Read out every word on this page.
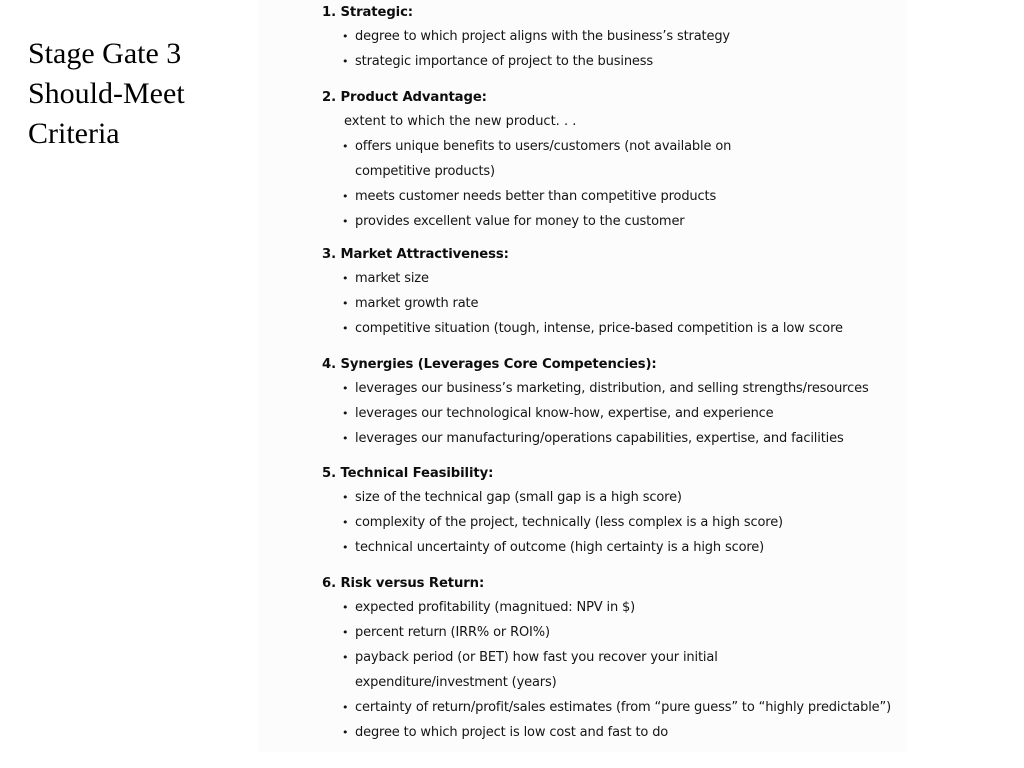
Stage Gate 3
Should-Meet
Criteria
1. Strategic:
• degree to which project aligns with the business’s strategy
• strategic importance of project to the business
2. Product Advantage:
extent to which the new product. . .
• offers unique benefits to users/customers (not available on
competitive products)
• meets customer needs better than competitive products
• provides excellent value for money to the customer
3. Market Attractiveness:
• market size
• market growth rate
• competitive situation (tough, intense, price-based competition is a low score
4. Synergies (Leverages Core Competencies):
• leverages our business’s marketing, distribution, and selling strengths/resources
• leverages our technological know-how, expertise, and experience
• leverages our manufacturing/operations capabilities, expertise, and facilities
5. Technical Feasibility:
• size of the technical gap (small gap is a high score)
• complexity of the project, technically (less complex is a high score)
• technical uncertainty of outcome (high certainty is a high score)
6. Risk versus Return:
• expected profitability (magnitued: NPV in $)
• percent return (IRR% or ROI%)
• payback period (or BET) how fast you recover your initial
expenditure/investment (years)
• certainty of return/profit/sales estimates (from “pure guess” to “highly predictable”)
• degree to which project is low cost and fast to do
